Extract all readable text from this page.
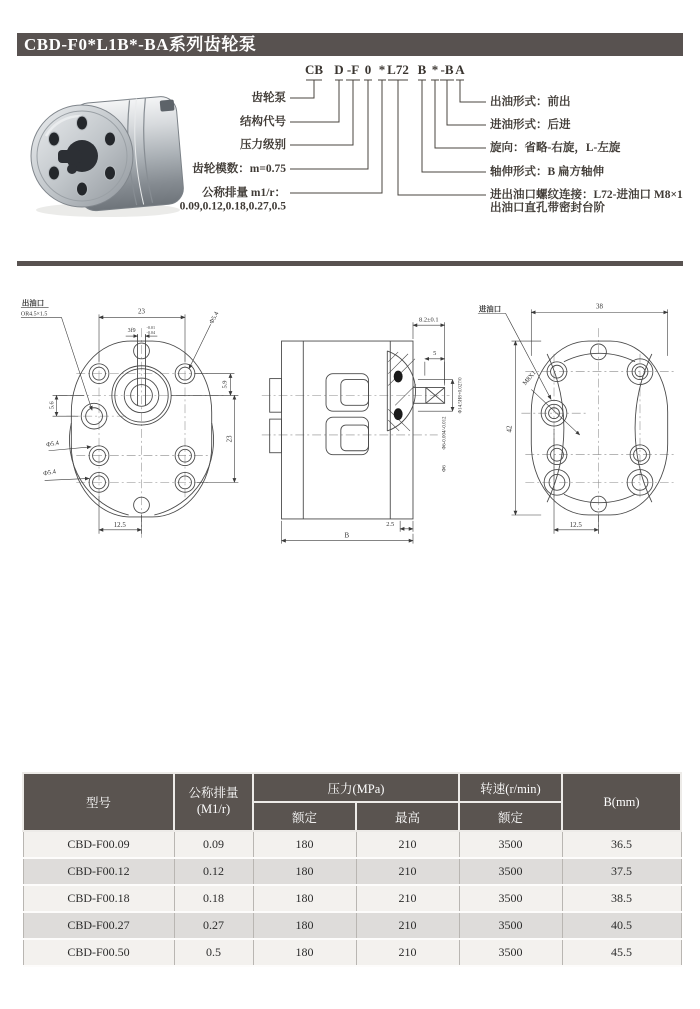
CBD-F0*L1B*-BA系列齿轮泵
CB D -F 0 * L72 B * -B A
齿轮泵
结构代号
压力级别
齿轮模数：m=0.75
公称排量 m1/r：
0.09,0.12,0.18,0.27,0.5
出油形式：前出
进油形式：后进
旋向：省略-右旋，L-左旋
轴伸形式：B 扁方轴伸
进出油口螺纹连接：L72-进油口 M8×1
出油口直孔带密封台阶
23
3f9
-0.01
-0.04
Φ5.4
5.9
23
5.6
Φ5.4
Φ5.4
12.5
出油口
OR4.5×1.5
8.2±0.1
5
Φ14.5H8+0.027/0
Φ6-0.004/-0.012
Φ6
2.5
B
38
42
12.5
M8X1
进油口
型号	公称排量
(M1/r)	压力(MPa)		转速(r/min)	B(mm)
		额定	最高	额定	
CBD-F00.09	0.09	180	210	3500	36.5
CBD-F00.12	0.12	180	210	3500	37.5
CBD-F00.18	0.18	180	210	3500	38.5
CBD-F00.27	0.27	180	210	3500	40.5
CBD-F00.50	0.5	180	210	3500	45.5
